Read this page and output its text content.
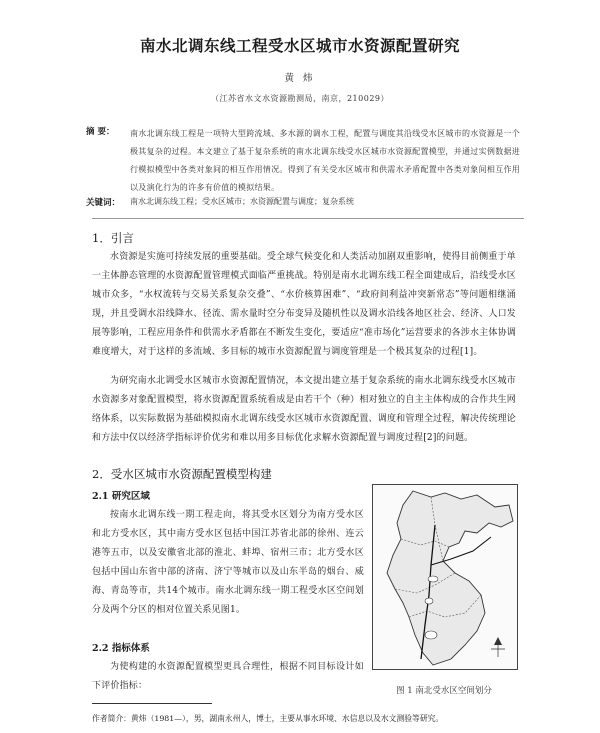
南水北调东线工程受水区城市水资源配置研究
黄 炜
（江苏省水文水资源勘测局，南京，210029）
摘 要： 南水北调东线工程是一项特大型跨流域、多水源的调水工程，配置与调度其沿线受水区城市的水资源是一个极其复杂的过程。本文建立了基于复杂系统的南水北调东线受水区城市水资源配置模型，并通过实例数据进行模拟模型中各类对象间的相互作用情况。得到了有关受水区城市和供需水矛盾配置中各类对象间相互作用以及演化行为的许多有价值的模拟结果。
关键词： 南水北调东线工程；受水区城市；水资源配置与调度；复杂系统
1．引言
水资源是实施可持续发展的重要基础。受全球气候变化和人类活动加剧双重影响，使得目前侧重于单一主体静态管理的水资源配置管理模式面临严重挑战。特别是南水北调东线工程全面建成后，沿线受水区城市众多，“水权流转与交易关系复杂交叠”、“水价核算困难”、“政府间利益冲突新常态”等问题相继涌现，并且受调水沿线降水、径流、需水量时空分布变异及随机性以及调水沿线各地区社会、经济、人口发展等影响，工程应用条件和供需水矛盾都在不断发生变化，要适应“准市场化”运营要求的各涉水主体协调难度增大，对于这样的多流域、多目标的城市水资源配置与调度管理是一个极其复杂的过程[1]。
为研究南水北调受水区城市水资源配置情况，本文提出建立基于复杂系统的南水北调东线受水区城市水资源多对象配置模型，将水资源配置系统看成是由若干个（种）相对独立的自主主体构成的合作共生网络体系，以实际数据为基础模拟南水北调东线受水区城市水资源配置、调度和管理全过程，解决传统理论和方法中仅以经济学指标评价优劣和难以用多目标优化求解水资源配置与调度过程[2]的问题。
2．受水区城市水资源配置模型构建
2.1 研究区域
按南水北调东线一期工程走向，将其受水区划分为南方受水区和北方受水区，其中南方受水区包括中国江苏省北部的徐州、连云港等五市，以及安徽省北部的淮北、蚌埠、宿州三市；北方受水区包括中国山东省中部的济南、济宁等城市以及山东半岛的烟台、威海、青岛等市，共14个城市。南水北调东线一期工程受水区空间划分及两个分区的相对位置关系见图1。
2.2 指标体系
为使构建的水资源配置模型更具合理性，根据不同目标设计如下评价指标：	图 1 南北受水区空间划分
作者简介：黄炜（1981—），男，湖南永州人，博士，主要从事水环境、水信息以及水文测验等研究。
